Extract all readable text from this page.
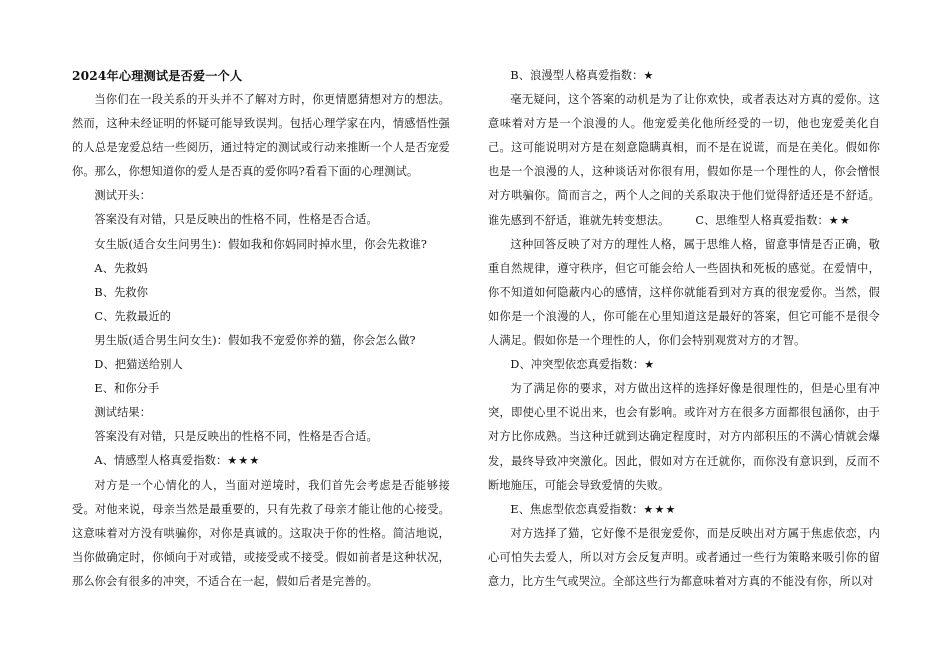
2024年心理测试是否爱一个人

当你们在一段关系的开头并不了解对方时，你更情愿猜想对方的想法。然而，这种未经证明的怀疑可能导致误判。包括心理学家在内，情感悟性强的人总是宠爱总结一些阅历，通过特定的测试或行动来推断一个人是否宠爱你。那么，你想知道你的爱人是否真的爱你吗?看看下面的心理测试。

测试开头：
答案没有对错，只是反映出的性格不同，性格是否合适。
女生版(适合女生问男生)：假如我和你妈同时掉水里，你会先救谁?
A、先救妈
B、先救你
C、先救最近的
男生版(适合男生问女生)：假如我不宠爱你养的猫，你会怎么做?
D、把猫送给别人
E、和你分手
测试结果：
答案没有对错，只是反映出的性格不同，性格是否合适。
A、情感型人格真爱指数：★★★

对方是一个心情化的人，当面对逆境时，我们首先会考虑是否能够接受。对他来说，母亲当然是最重要的，只有先救了母亲才能让他的心接受。这意味着对方没有哄骗你，对你是真诚的。这取决于你的性格。简洁地说，当你做确定时，你倾向于对或错，或接受或不接受。假如前者是这种状况，那么你会有很多的冲突，不适合在一起，假如后者是完善的。

B、浪漫型人格真爱指数：★

毫无疑问，这个答案的动机是为了让你欢快，或者表达对方真的爱你。这意味着对方是一个浪漫的人。他宠爱美化他所经受的一切，他也宠爱美化自己。这可能说明对方是在刻意隐瞒真相，而不是在说谎，而是在美化。假如你也是一个浪漫的人，这种谈话对你很有用，假如你是一个理性的人，你会憎恨对方哄骗你。简而言之，两个人之间的关系取决于他们觉得舒适还是不舒适。谁先感到不舒适，谁就先转变想法。 C、思维型人格真爱指数：★★

这种回答反映了对方的理性人格，属于思维人格，留意事情是否正确，敬重自然规律，遵守秩序，但它可能会给人一些固执和死板的感觉。在爱情中，你不知道如何隐蔽内心的感情，这样你就能看到对方真的很宠爱你。当然，假如你是一个浪漫的人，你可能在心里知道这是最好的答案，但它可能不是很令人满足。假如你是一个理性的人，你们会特别观赏对方的才智。

D、冲突型依恋真爱指数：★

为了满足你的要求，对方做出这样的选择好像是很理性的，但是心里有冲突，即使心里不说出来，也会有影响。或许对方在很多方面都很包涵你，由于对方比你成熟。当这种迁就到达确定程度时，对方内部积压的不满心情就会爆发，最终导致冲突激化。因此，假如对方在迁就你，而你没有意识到，反而不断地施压，可能会导致爱情的失败。

E、焦虑型依恋真爱指数：★★★

对方选择了猫，它好像不是很宠爱你，而是反映出对方属于焦虑依恋，内心可怕失去爱人，所以对方会反复声明。或者通过一些行为策略来吸引你的留意力，比方生气或哭泣。全部这些行为都意味着对方真的不能没有你，所以对
